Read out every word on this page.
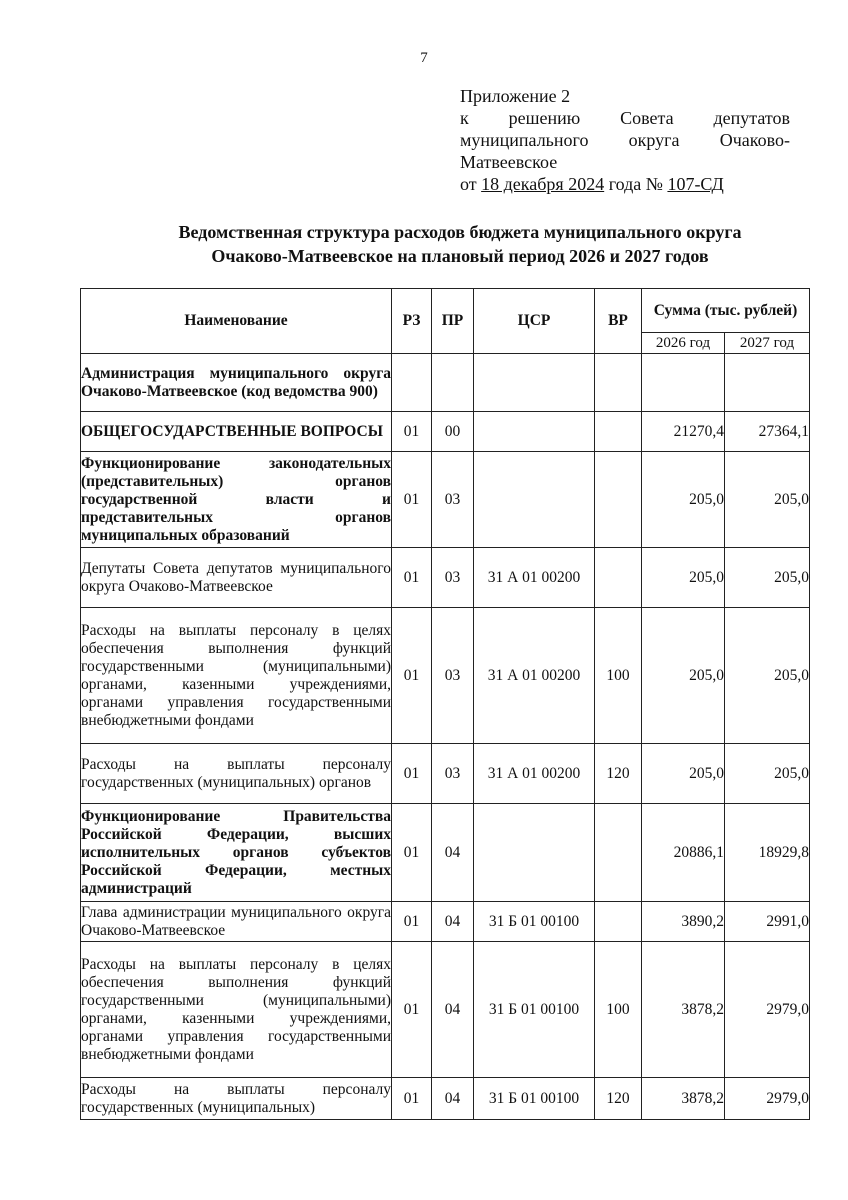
7
Приложение 2
к решению Совета депутатов
муниципального округа Очаково-
Матвеевское
от 18 декабря 2024 года № 107-СД
Ведомственная структура расходов бюджета муниципального округа
Очаково-Матвеевское на плановый период 2026 и 2027 годов
Наименование	РЗ	ПР	ЦСР	ВР	Сумма (тыс. рублей)	
					2026 год	2027 год
Администрация муниципального округа Очаково-Матвеевское (код ведомства 900)						
ОБЩЕГОСУДАРСТВЕННЫЕ ВОПРОСЫ	01	00			21270,4	27364,1
Функционирование законодательных (представительных) органов государственной власти и представительных органов муниципальных образований	01	03			205,0	205,0
Депутаты Совета депутатов муниципального округа Очаково-Матвеевское	01	03	31 А 01 00200		205,0	205,0
Расходы на выплаты персоналу в целях обеспечения выполнения функций государственными (муниципальными) органами, казенными учреждениями, органами управления государственными внебюджетными фондами	01	03	31 А 01 00200	100	205,0	205,0
Расходы на выплаты персоналу государственных (муниципальных) органов	01	03	31 А 01 00200	120	205,0	205,0
Функционирование Правительства Российской Федерации, высших исполнительных органов субъектов Российской Федерации, местных администраций	01	04			20886,1	18929,8
Глава администрации муниципального округа Очаково-Матвеевское	01	04	31 Б 01 00100		3890,2	2991,0
Расходы на выплаты персоналу в целях обеспечения выполнения функций государственными (муниципальными) органами, казенными учреждениями, органами управления государственными внебюджетными фондами	01	04	31 Б 01 00100	100	3878,2	2979,0
Расходы на выплаты персоналу государственных (муниципальных)	01	04	31 Б 01 00100	120	3878,2	2979,0
